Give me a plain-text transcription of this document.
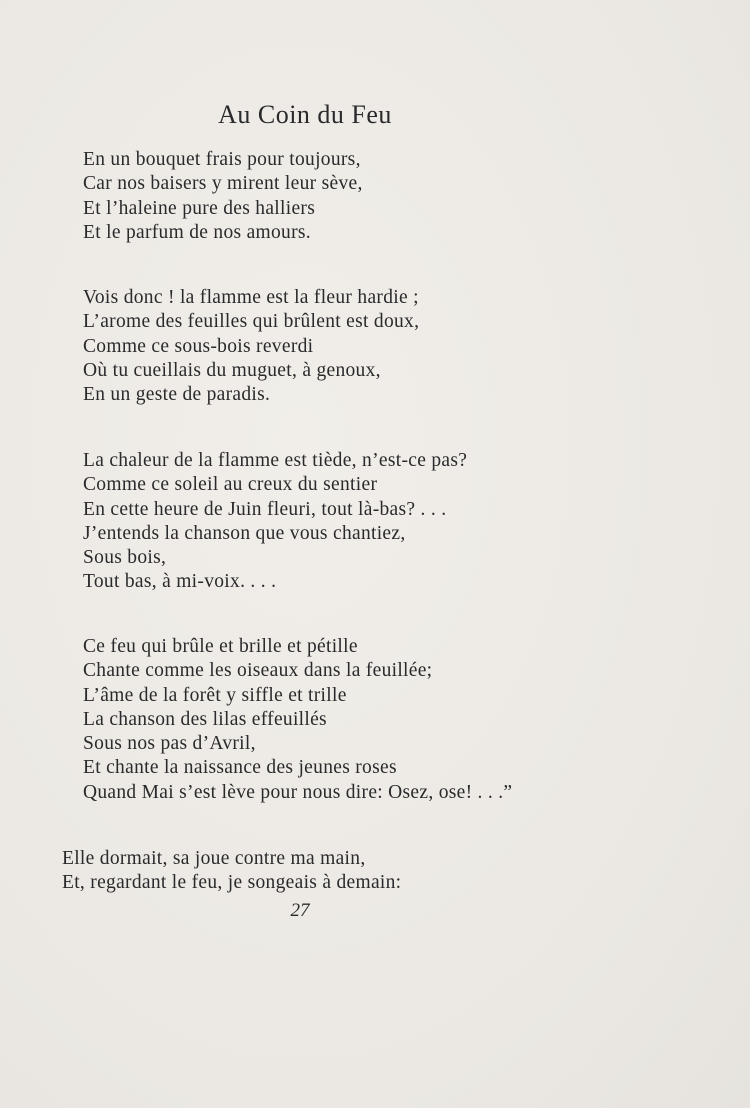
Au Coin du Feu
En un bouquet frais pour toujours,
Car nos baisers y mirent leur sève,
Et l’haleine pure des halliers
Et le parfum de nos amours.
Vois donc ! la flamme est la fleur hardie ;
L’arome des feuilles qui brûlent est doux,
Comme ce sous-bois reverdi
Où tu cueillais du muguet, à genoux,
En un geste de paradis.
La chaleur de la flamme est tiède, n’est-ce pas?
Comme ce soleil au creux du sentier
En cette heure de Juin fleuri, tout là-bas? . . .
J’entends la chanson que vous chantiez,
Sous bois,
Tout bas, à mi-voix. . . .
Ce feu qui brûle et brille et pétille
Chante comme les oiseaux dans la feuillée;
L’âme de la forêt y siffle et trille
La chanson des lilas effeuillés
Sous nos pas d’Avril,
Et chante la naissance des jeunes roses
Quand Mai s’est lève pour nous dire: Osez, ose! . . .”
Elle dormait, sa joue contre ma main,
Et, regardant le feu, je songeais à demain:
27
